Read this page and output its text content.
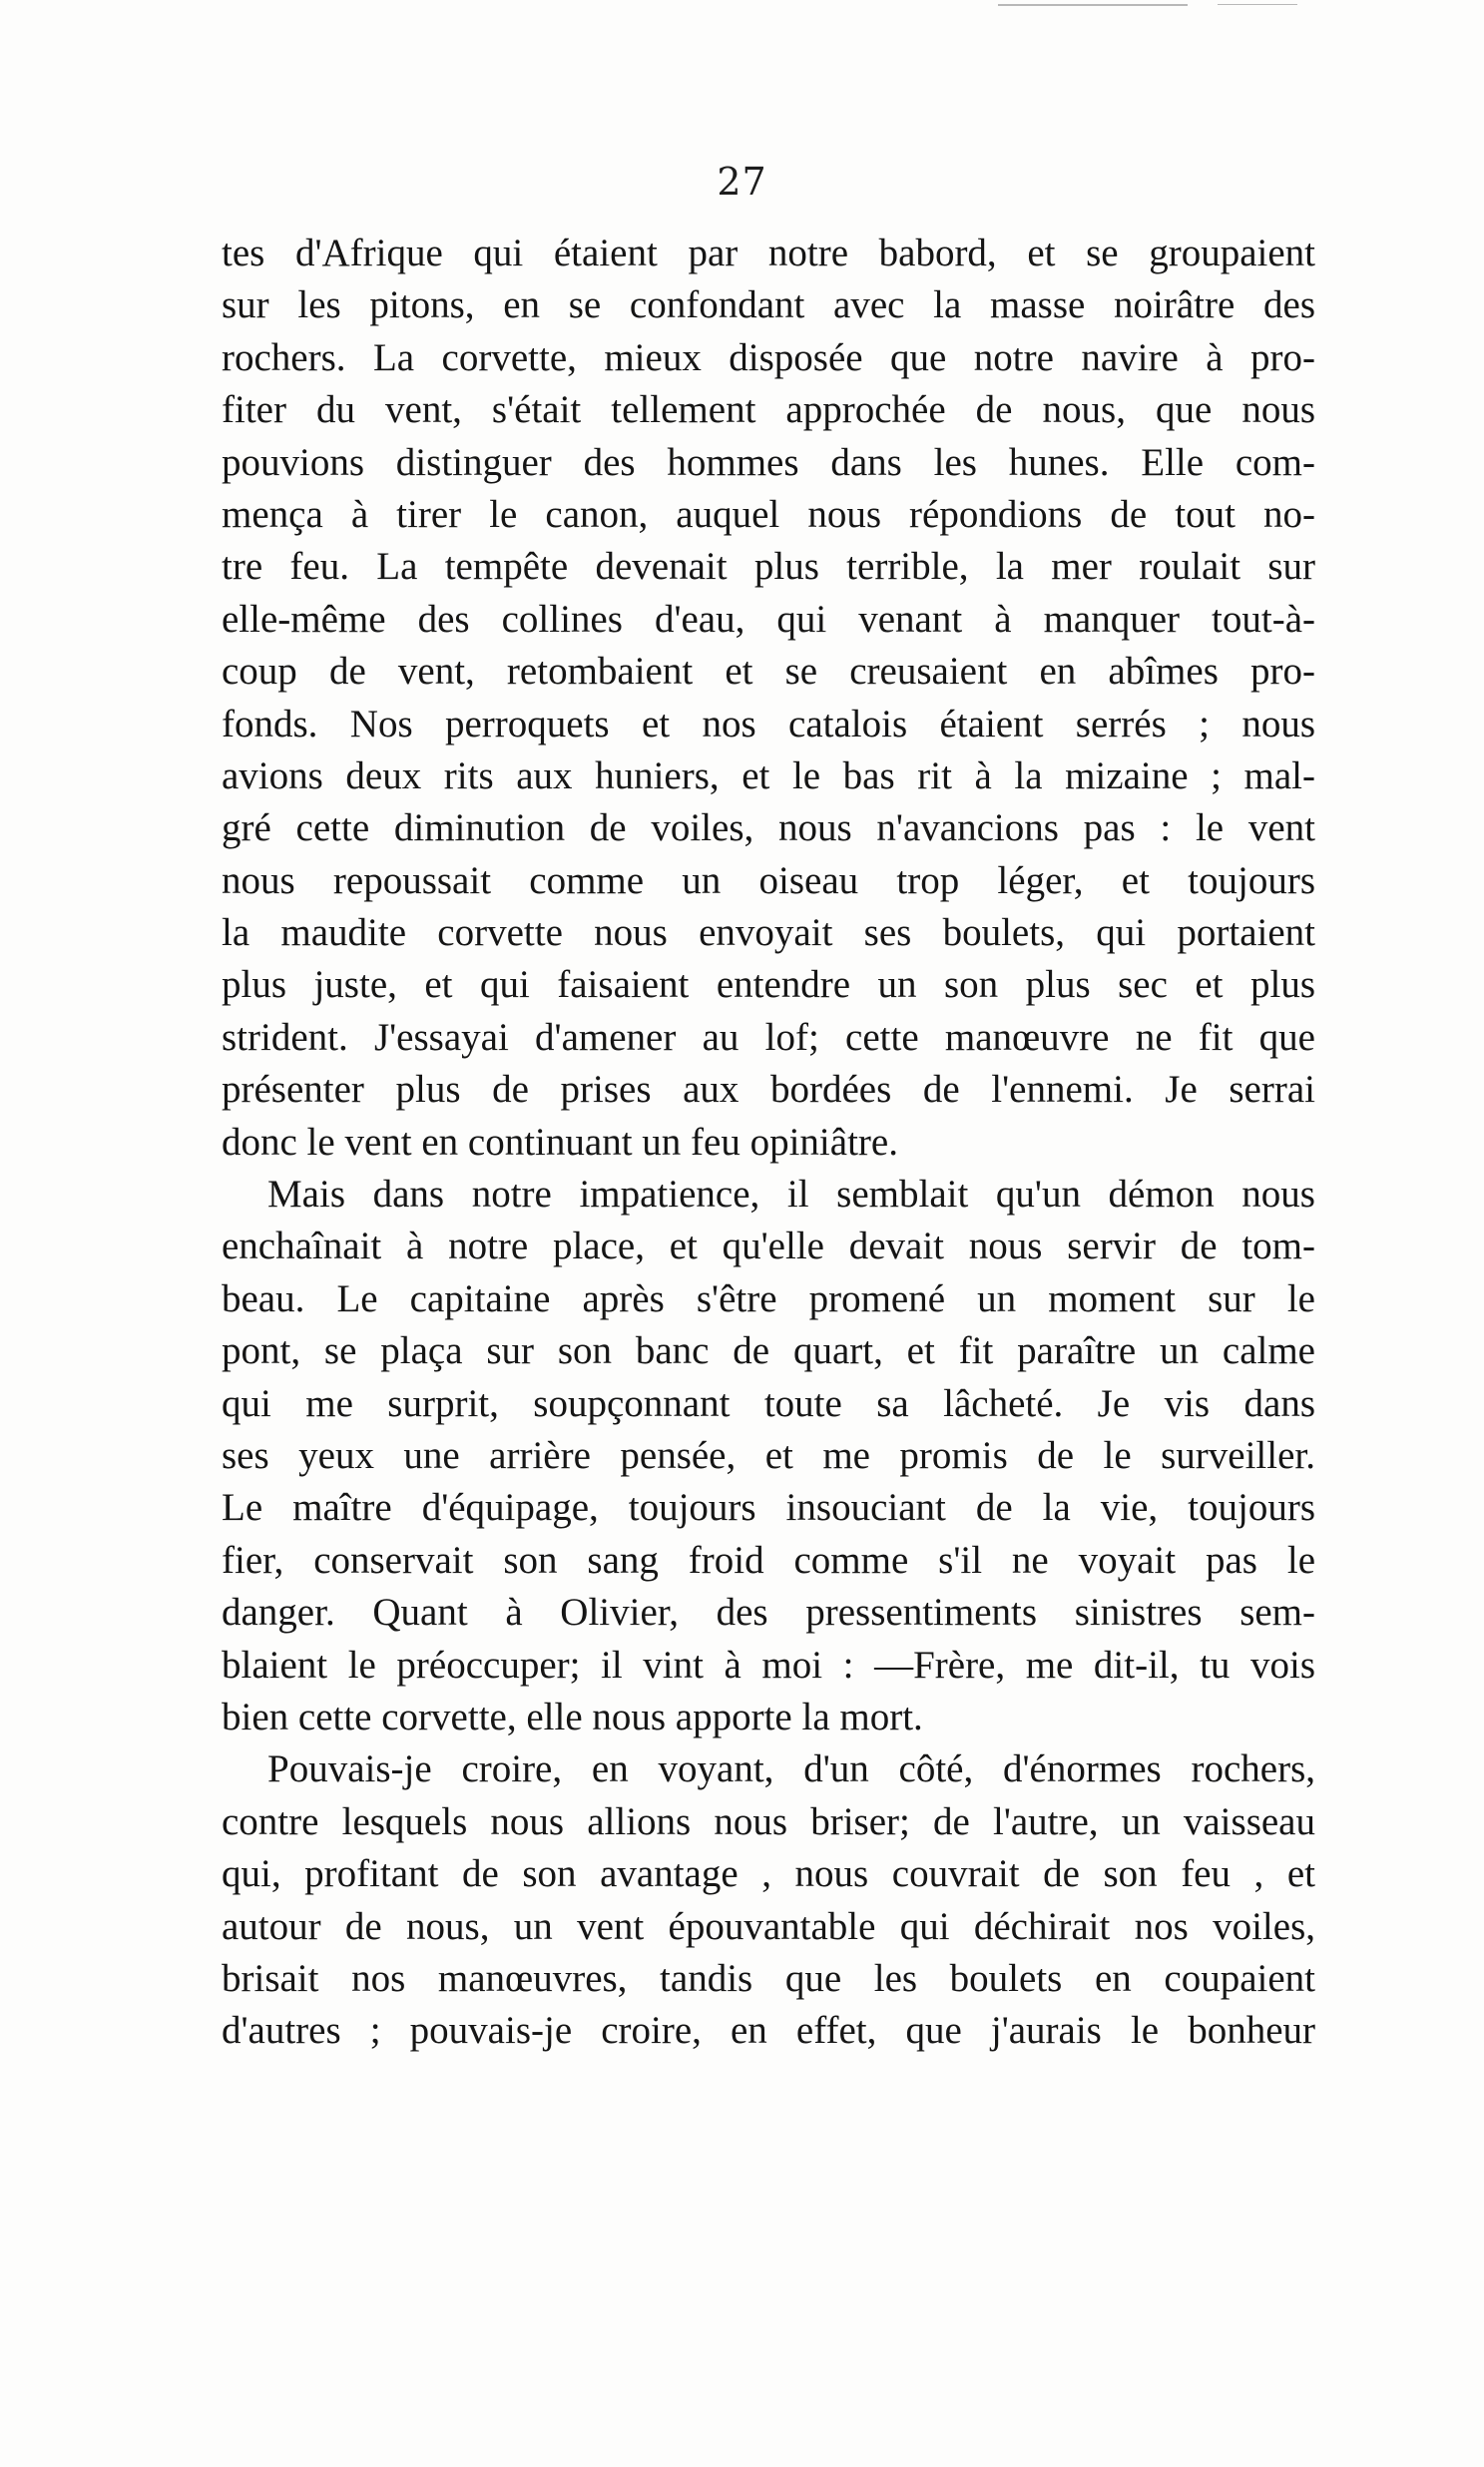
27
tes d'Afrique qui étaient par notre babord, et se groupaient
sur les pitons, en se confondant avec la masse noirâtre des
rochers. La corvette, mieux disposée que notre navire à pro-
fiter du vent, s'était tellement approchée de nous, que nous
pouvions distinguer des hommes dans les hunes. Elle com-
mença à tirer le canon, auquel nous répondions de tout no-
tre feu. La tempête devenait plus terrible, la mer roulait sur
elle-même des collines d'eau, qui venant à manquer tout-à-
coup de vent, retombaient et se creusaient en abîmes pro-
fonds. Nos perroquets et nos catalois étaient serrés ; nous
avions deux rits aux huniers, et le bas rit à la mizaine ; mal-
gré cette diminution de voiles, nous n'avancions pas : le vent
nous repoussait comme un oiseau trop léger, et toujours
la maudite corvette nous envoyait ses boulets, qui portaient
plus juste, et qui faisaient entendre un son plus sec et plus
strident. J'essayai d'amener au lof; cette manœuvre ne fit que
présenter plus de prises aux bordées de l'ennemi. Je serrai
donc le vent en continuant un feu opiniâtre.
Mais dans notre impatience, il semblait qu'un démon nous
enchaînait à notre place, et qu'elle devait nous servir de tom-
beau. Le capitaine après s'être promené un moment sur le
pont, se plaça sur son banc de quart, et fit paraître un calme
qui me surprit, soupçonnant toute sa lâcheté. Je vis dans
ses yeux une arrière pensée, et me promis de le surveiller.
Le maître d'équipage, toujours insouciant de la vie, toujours
fier, conservait son sang froid comme s'il ne voyait pas le
danger. Quant à Olivier, des pressentiments sinistres sem-
blaient le préoccuper; il vint à moi : —Frère, me dit-il, tu vois
bien cette corvette, elle nous apporte la mort.
Pouvais-je croire, en voyant, d'un côté, d'énormes rochers,
contre lesquels nous allions nous briser; de l'autre, un vaisseau
qui, profitant de son avantage , nous couvrait de son feu , et
autour de nous, un vent épouvantable qui déchirait nos voiles,
brisait nos manœuvres, tandis que les boulets en coupaient
d'autres ; pouvais-je croire, en effet, que j'aurais le bonheur
